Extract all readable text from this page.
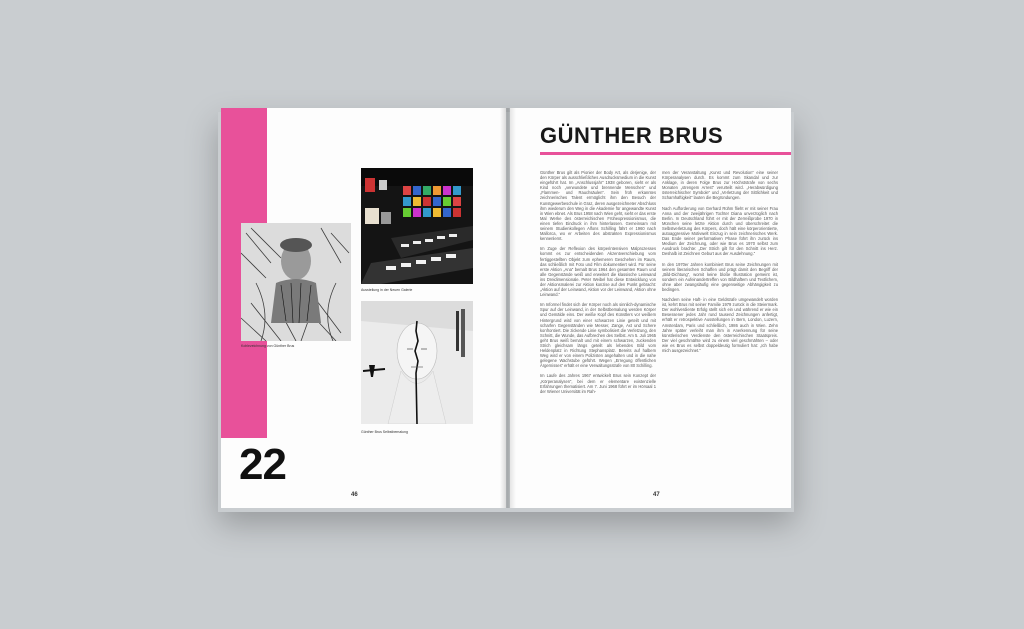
Kohlezeichnung von Günther Brus
Ausstellung in der Neuen Galerie
Günther Brus Selbstbemalung
22
46
GÜNTHER BRUS

Günther Brus gilt als Pionier der Body Art, als derjenige, der den Körper als ausschließliches Ausdrucksmedium in die Kunst eingeführt hat. Im „Anschlussjahr“ 1938 geboren, sieht er als Kind noch „verwundete und brennende Menschen“ und „Flammen- und Rauchsäulen“. Sein früh erkanntes zeichnerisches Talent ermöglicht ihm den Besuch der Kunstgewerbeschule in Graz, deren ausgezeichneter Abschluss ihm wiederum den Weg in die Akademie für angewandte Kunst in Wien ebnet. Als Brus 1958 nach Wien geht, sieht er das erste Mal Werke des österreichischen Frühexpressionismus, die einen tiefen Eindruck in ihm hinterlassen. Gemeinsam mit seinem Studienkollegen Alfons Schilling fährt er 1960 nach Mallorca, wo er Arbeiten des abstrakten Expressionismus kennenlernt.

Im Zuge der Reflexion des körperintensiven Malprozesses kommt es zur entscheidenden Akzentverschiebung vom fertiggestellten Objekt zum ephemeren Geschehen im Raum, das schließlich mit Foto und Film dokumentiert wird. Für seine erste Aktion „Ana“ bemalt Brus 1964 den gesamten Raum und alle Gegenstände weiß und erweitert die klassische Leinwand ins Dreidimensionale. Peter Weibel hat diese Entwicklung von der Aktionsmalerei zur Aktion konzise auf den Punkt gebracht: „Aktion auf der Leinwand, Aktion vor der Leinwand, Aktion ohne Leinwand.“

Im Informel findet sich der Körper noch als sinnlich-dynamische Spur auf der Leinwand, in der Selbstbemalung werden Körper und Gemälde eins. Der weiße Kopf des Künstlers vor weißem Hintergrund wird von einer schwarzen Linie geteilt und mit scharfen Gegenständen wie Messer, Zange, Axt und Schere konfrontiert. Die zickende Linie symbolisiert die Verletzung, den Schnitt, die Wunde, das Aufbrechen des Selbst. Am 5. Juli 1965 geht Brus weiß bemalt und mit einem schwarzen, zuckenden Strich gleichsam längs geteilt als lebendes Bild vom Heldenplatz in Richtung Stephansplatz. Bereits auf halbem Weg wird er von einem Polizisten angehalten und in die nahe gelegene Wachstube geführt. Wegen „Erregung öffentlichen Ärgernisses“ erhält er eine Verwaltungsstrafe von 80 Schilling.

Im Laufe des Jahres 1967 entwickelt Brus sein Konzept der „Körperanalysen“, bei dem er elementare existenzielle Erfahrungen thematisiert. Am 7. Juni 1968 führt er im Hörsaal 1 der Wiener Universität im Rah-

men der Veranstaltung „Kunst und Revolution“ eine seiner Körperanalysen durch. Es kommt zum Skandal und zur Anklage, in deren Folge Brus zur Höchststrafe von sechs Monaten „strengem Arrest“ verurteilt wird. „Herabwürdigung österreichischer Symbole“ und „Verletzung der Sittlichkeit und Schamhaftigkeit“ lauten die Begründungen.

Nach Aufforderung von Gerhard Rühm flieht er mit seiner Frau Anna und der zweijährigen Tochter Diana unverzüglich nach Berlin. In Deutschland führt er mit der Zerreißprobe 1970 in München seine letzte Aktion durch und überschreitet die Selbstverletzung des Körpers, doch hält eine körperorientierte, autoaggressive Motivwelt Einzug in sein zeichnerisches Werk. Das Ende seiner performativen Phase führt ihn zurück ins Medium der Zeichnung, oder wie Brus es 1970 selbst zum Ausdruck brachte: „Der Strich gilt für den Schnitt ins Herz. Deshalb ist Zeichnen Geburt aus der Ausdehnung.“

In den 1970er Jahren kombiniert Brus seine Zeichnungen mit seinem literarischen Schaffen und prägt damit den Begriff der „Bild-Dichtung“, womit keine bloße Illustration gemeint ist, sondern ein Aufeinandertreffen von Bildhaftem und Textlichem, ohne aber zwangsläufig eine gegenseitige Abhängigkeit zu bedingen.

Nachdem seine Haft- in eine Geldstrafe umgewandelt worden ist, kehrt Brus mit seiner Familie 1979 zurück in die Steiermark. Der wohlverdiente Erfolg stellt sich ein und während er wie ein Besessener jedes Jahr rund tausend Zeichnungen anfertigt, erhält er retrospektive Ausstellungen in Bern, London, Luzern, Amsterdam, Paris und schließlich, 1986 auch in Wien. Zehn Jahre später verleiht man ihm in Anerkennung für seine künstlerischen Verdienste den österreichischen Staatspreis. Der viel geschmähte wird zu einem viel geschmähten – oder wie es Brus es selbst doppeldeutig formuliert hat: „Ich habe mich ausgezeichnet.“

47
